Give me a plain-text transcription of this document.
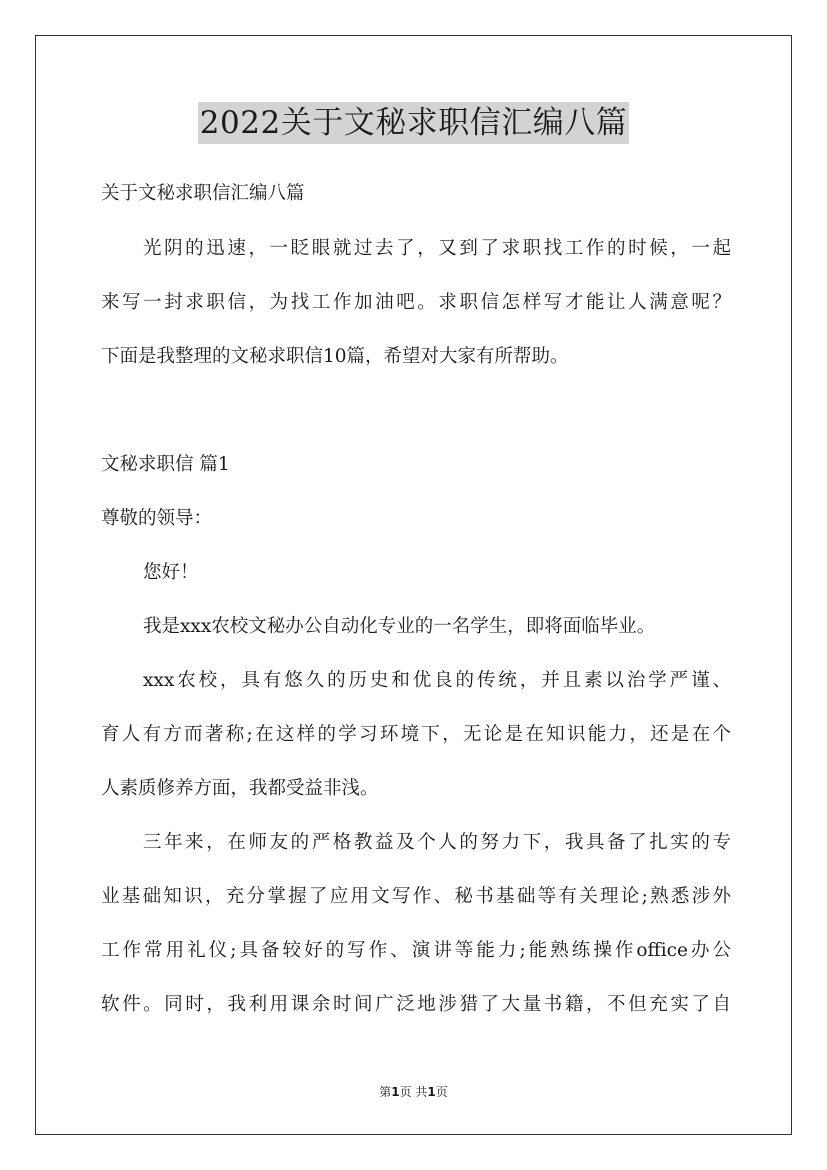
2022关于文秘求职信汇编八篇
关于文秘求职信汇编八篇
光阴的迅速，一眨眼就过去了，又到了求职找工作的时候，一起
来写一封求职信，为找工作加油吧。求职信怎样写才能让人满意呢？
下面是我整理的文秘求职信10篇，希望对大家有所帮助。
文秘求职信 篇1
尊敬的领导：
您好！
我是xxx农校文秘办公自动化专业的一名学生，即将面临毕业。
xxx农校，具有悠久的历史和优良的传统，并且素以治学严谨、
育人有方而著称;在这样的学习环境下，无论是在知识能力，还是在个
人素质修养方面，我都受益非浅。
三年来，在师友的严格教益及个人的努力下，我具备了扎实的专
业基础知识，充分掌握了应用文写作、秘书基础等有关理论;熟悉涉外
工作常用礼仪;具备较好的写作、演讲等能力;能熟练操作office办公
软件。同时，我利用课余时间广泛地涉猎了大量书籍，不但充实了自
第1页 共1页
